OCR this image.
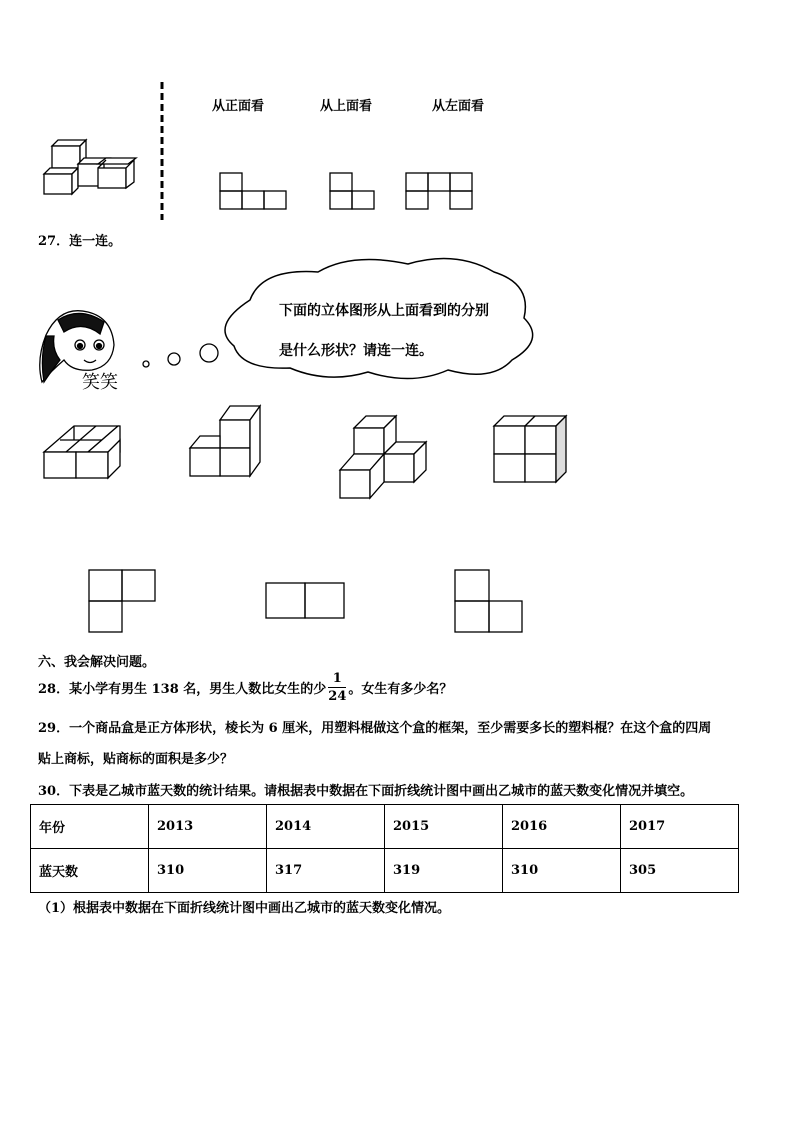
从正面看	从上面看	从左面看
27．连一连。
下面的立体图形从上面看到的分别
是什么形状？请连一连。
笑笑
六、我会解决问题。
28．某小学有男生 138 名，男生人数比女生的少 $\frac{1}{24}$ 。女生有多少名？
29．一个商品盒是正方体形状，棱长为 6 厘米，用塑料棍做这个盒的框架，至少需要多长的塑料棍？在这个盒的四周
贴上商标，贴商标的面积是多少？
30．下表是乙城市蓝天数的统计结果。请根据表中数据在下面折线统计图中画出乙城市的蓝天数变化情况并填空。
年份	2013	2014	2015	2016	2017
蓝天数	310	317	319	310	305
（1）根据表中数据在下面折线统计图中画出乙城市的蓝天数变化情况。
